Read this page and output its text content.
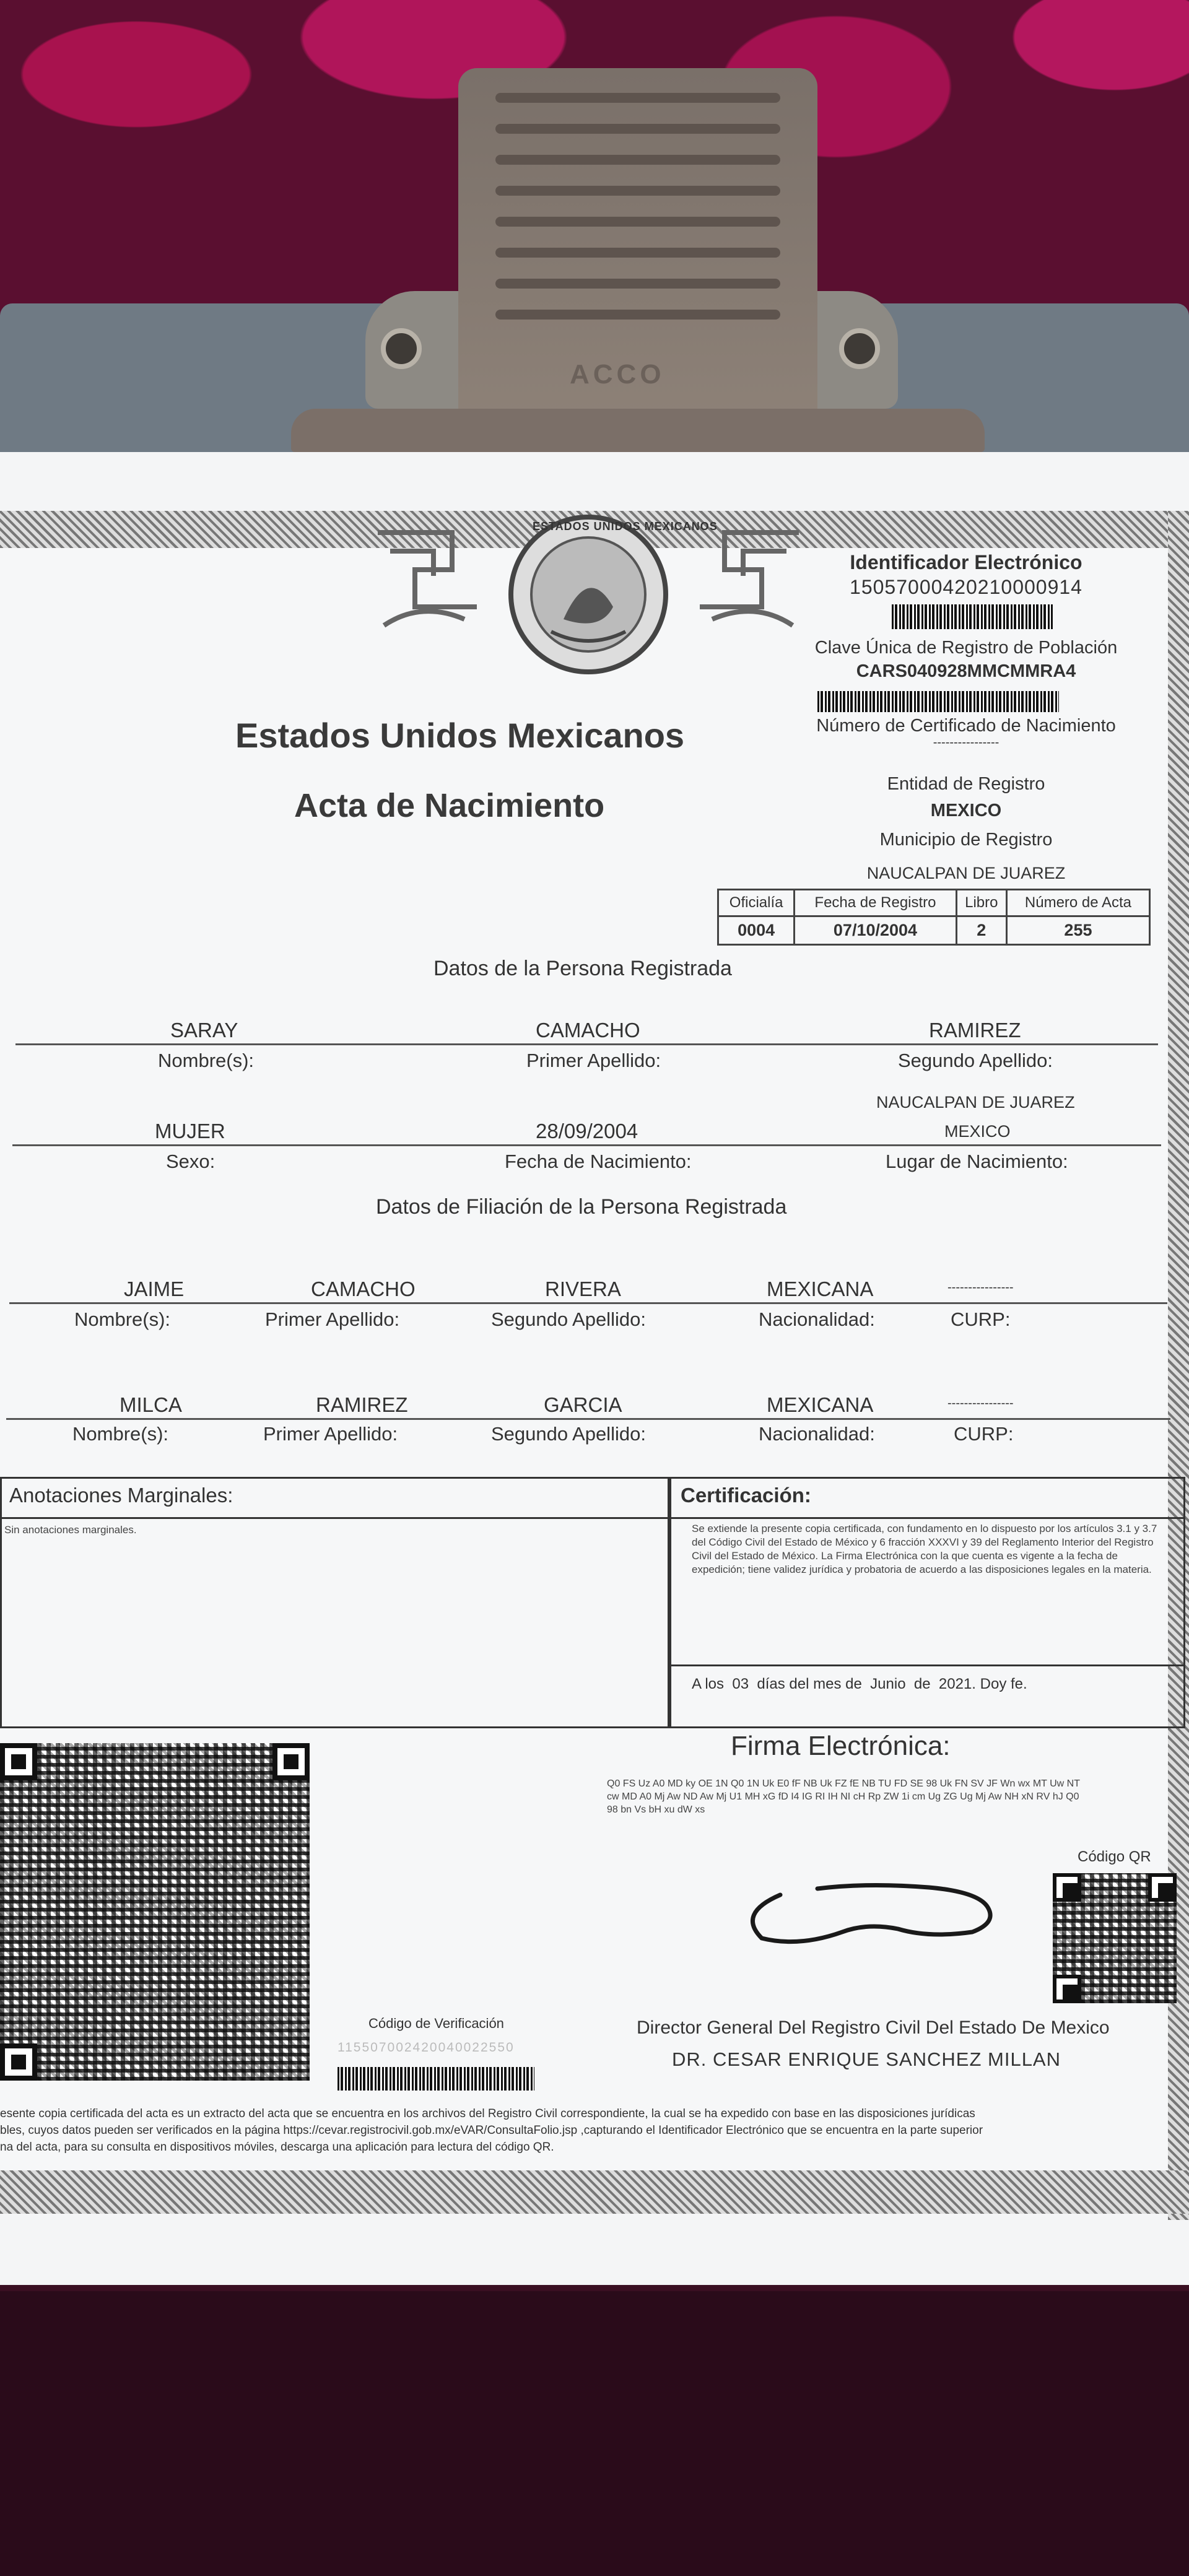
ACCO
ESTADOS UNIDOS MEXICANOS
Estados Unidos Mexicanos
Acta de Nacimiento
Identificador Electrónico
15057000420210000914
Clave Única de Registro de Población
CARS040928MMCMMRA4
Número de Certificado de Nacimiento
----------------
Entidad de Registro
MEXICO
Municipio de Registro
NAUCALPAN DE JUAREZ
Oficialía	Fecha de Registro	Libro	Número de Acta
0004	07/10/2004	2	255
Datos de la Persona Registrada
SARAY	CAMACHO	RAMIREZ
Nombre(s):	Primer Apellido:	Segundo Apellido:
NAUCALPAN DE JUAREZ
MUJER	28/09/2004	MEXICO
Sexo:	Fecha de Nacimiento:	Lugar de Nacimiento:
Datos de Filiación de la Persona Registrada
JAIME	CAMACHO	RIVERA	MEXICANA	----------------
Nombre(s):	Primer Apellido:	Segundo Apellido:	Nacionalidad:	CURP:
MILCA	RAMIREZ	GARCIA	MEXICANA	----------------
Nombre(s):	Primer Apellido:	Segundo Apellido:	Nacionalidad:	CURP:
Anotaciones Marginales:
Sin anotaciones marginales.
Certificación:
Se extiende la presente copia certificada, con fundamento en lo dispuesto por los artículos 3.1 y 3.7 del Código Civil del Estado de México y 6 fracción XXXVI y 39 del Reglamento Interior del Registro Civil del Estado de México. La Firma Electrónica con la que cuenta es vigente a la fecha de expedición; tiene validez jurídica y probatoria de acuerdo a las disposiciones legales en la materia.
A los  03  días del mes de  Junio  de  2021. Doy fe.
Firma Electrónica:
Q0 FS Uz A0 MD ky OE 1N Q0 1N Uk E0 fF NB Uk FZ fE NB TU FD SE 98 Uk FN SV JF Wn wx MT Uw NT cw MD A0 Mj Aw ND Aw Mj U1 MH xG fD I4 IG RI IH NI cH Rp ZW 1i cm Ug ZG Ug Mj Aw NH xN RV hJ Q0 98 bn Vs bH xu dW xs
Código QR
Código de Verificación
115507002420040022550
Director General Del Registro Civil Del Estado De Mexico
DR. CESAR ENRIQUE SANCHEZ MILLAN
esente copia certificada del acta es un extracto del acta que se encuentra en los archivos del Registro Civil correspondiente, la cual se ha expedido con base en las disposiciones jurídicas
bles, cuyos datos pueden ser verificados en la página https://cevar.registrocivil.gob.mx/eVAR/ConsultaFolio.jsp ,capturando el Identificador Electrónico que se encuentra en la parte superior
na del acta, para su consulta en dispositivos móviles, descarga una aplicación para lectura del código QR.
